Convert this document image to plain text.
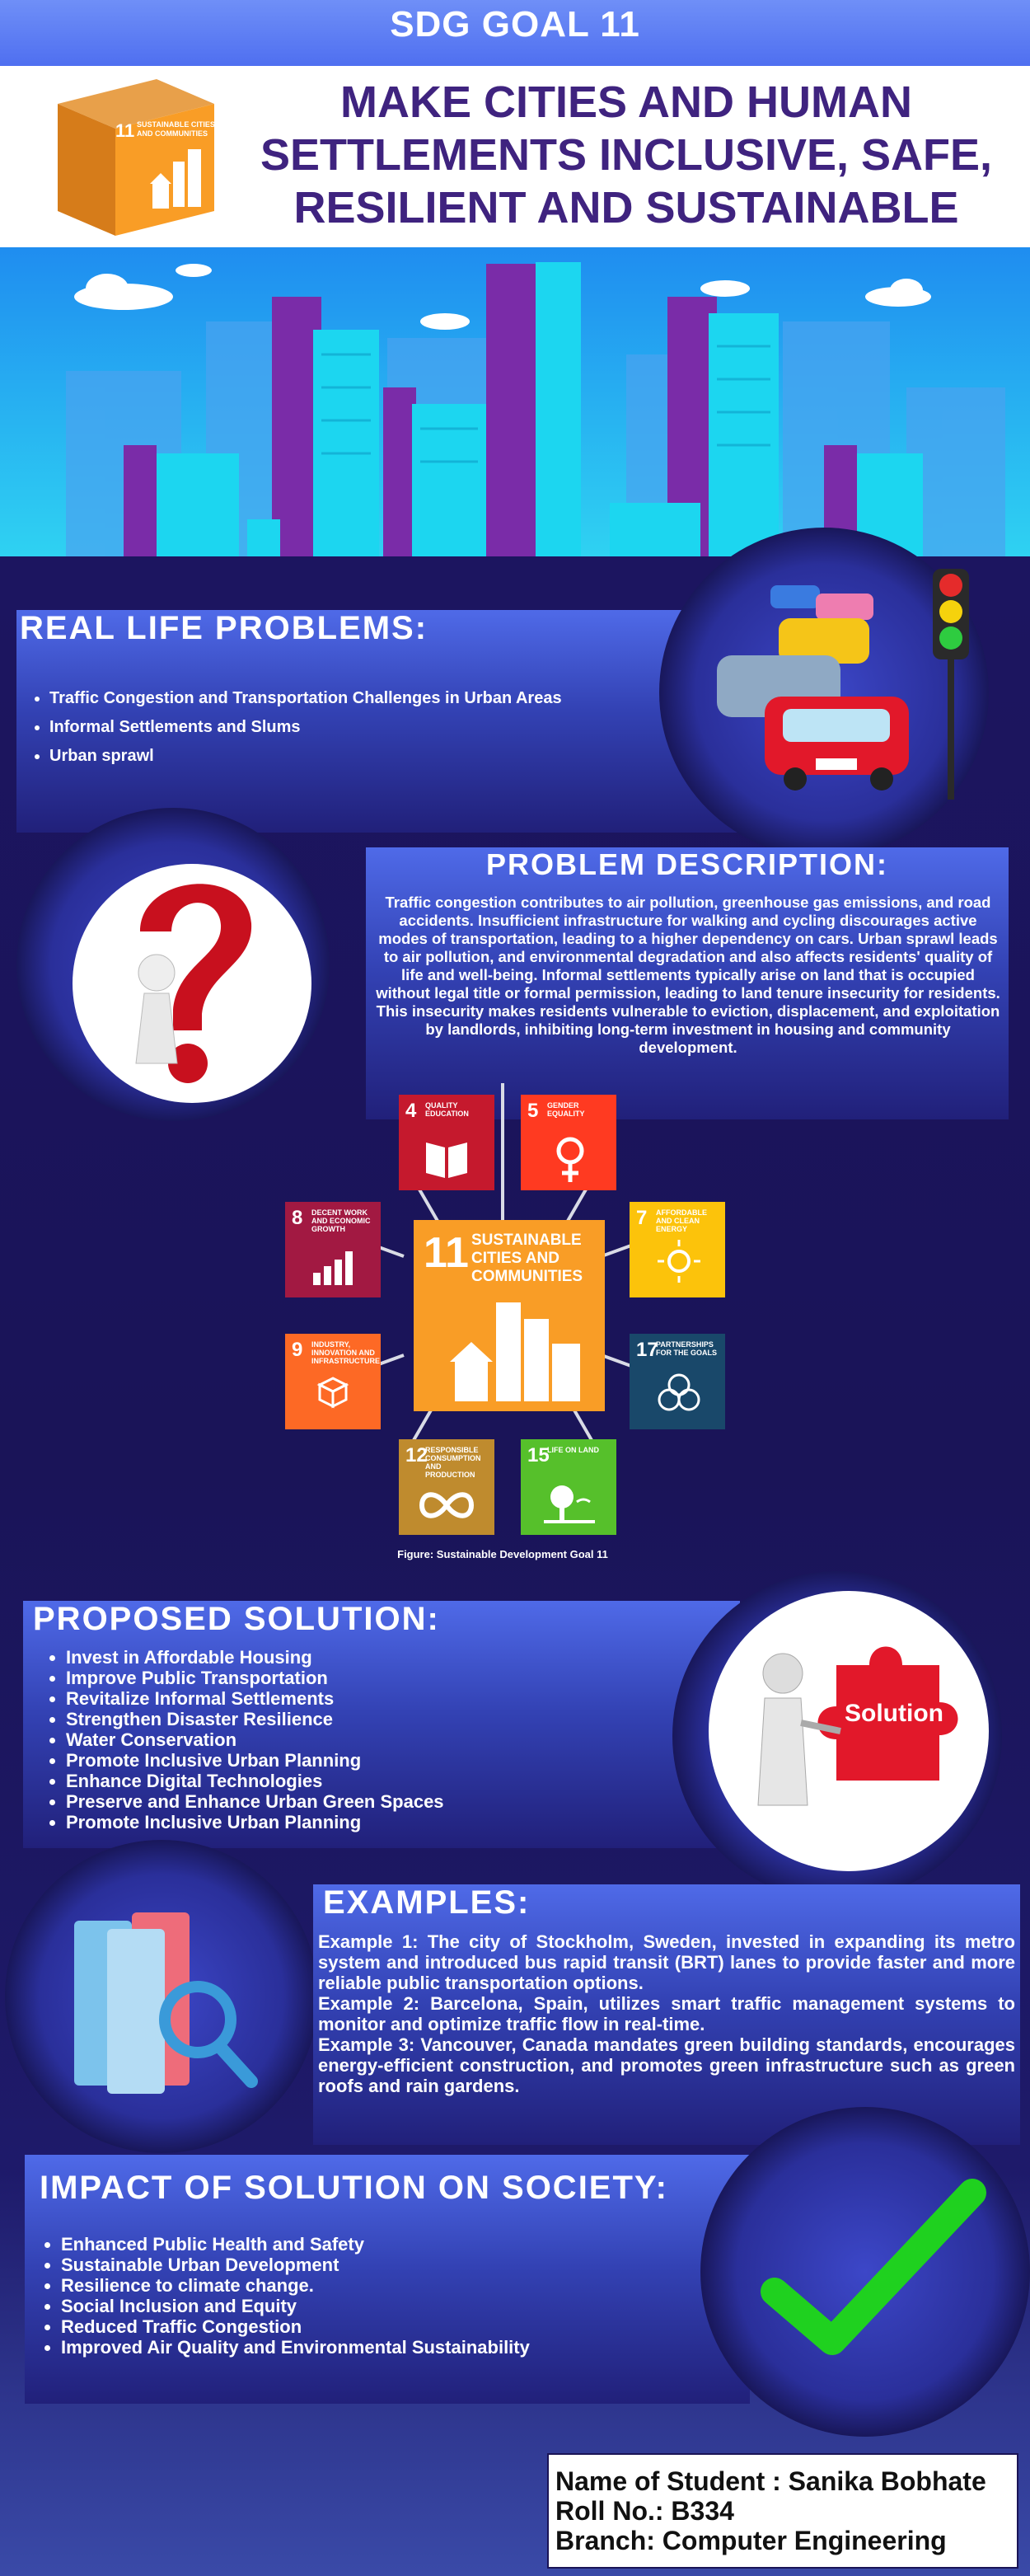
SDG GOAL 11
11 SUSTAINABLE CITIES AND COMMUNITIES
MAKE CITIES AND HUMAN
SETTLEMENTS INCLUSIVE, SAFE,
RESILIENT AND SUSTAINABLE
REAL LIFE PROBLEMS:
• Traffic Congestion and Transportation Challenges in Urban Areas
• Informal Settlements and Slums
• Urban sprawl
PROBLEM DESCRIPTION:
Traffic congestion contributes to air pollution, greenhouse gas emissions, and road accidents. Insufficient infrastructure for walking and cycling discourages active modes of transportation, leading to a higher dependency on cars. Urban sprawl leads to air pollution, and environmental degradation and also affects residents' quality of life and well-being. Informal settlements typically arise on land that is occupied without legal title or formal permission, leading to land tenure insecurity for residents. This insecurity makes residents vulnerable to eviction, displacement, and exploitation by landlords, inhibiting long-term investment in housing and community development.
11 SUSTAINABLE CITIES AND COMMUNITIES
4 QUALITY EDUCATION	5 GENDER EQUALITY
7 AFFORDABLE AND CLEAN ENERGY
8 DECENT WORK AND ECONOMIC GROWTH
9 INDUSTRY, INNOVATION AND INFRASTRUCTURE	17
PARTNERSHIPS FOR THE GOALS
12
RESPONSIBLE CONSUMPTION AND PRODUCTION
15
LIFE ON LAND
Figure: Sustainable Development Goal 11
PROPOSED SOLUTION:
• Invest in Affordable Housing
• Improve Public Transportation
• Revitalize Informal Settlements
• Strengthen Disaster Resilience
• Water Conservation
• Promote Inclusive Urban Planning
• Enhance Digital Technologies
• Preserve and Enhance Urban Green Spaces
• Promote Inclusive Urban Planning
Solution
EXAMPLES:
Example 1: The city of Stockholm, Sweden, invested in expanding its metro system and introduced bus rapid transit (BRT) lanes to provide faster and more reliable public transportation options.
Example 2: Barcelona, Spain, utilizes smart traffic management systems to monitor and optimize traffic flow in real-time.
Example 3: Vancouver, Canada mandates green building standards, encourages energy-efficient construction, and promotes green infrastructure such as green roofs and rain gardens.
IMPACT OF SOLUTION ON SOCIETY:
• Enhanced Public Health and Safety
• Sustainable Urban Development
• Resilience to climate change.
• Social Inclusion and Equity
• Reduced Traffic Congestion
• Improved Air Quality and Environmental Sustainability
Name of Student : Sanika Bobhate
Roll No.: B334
Branch: Computer Engineering
